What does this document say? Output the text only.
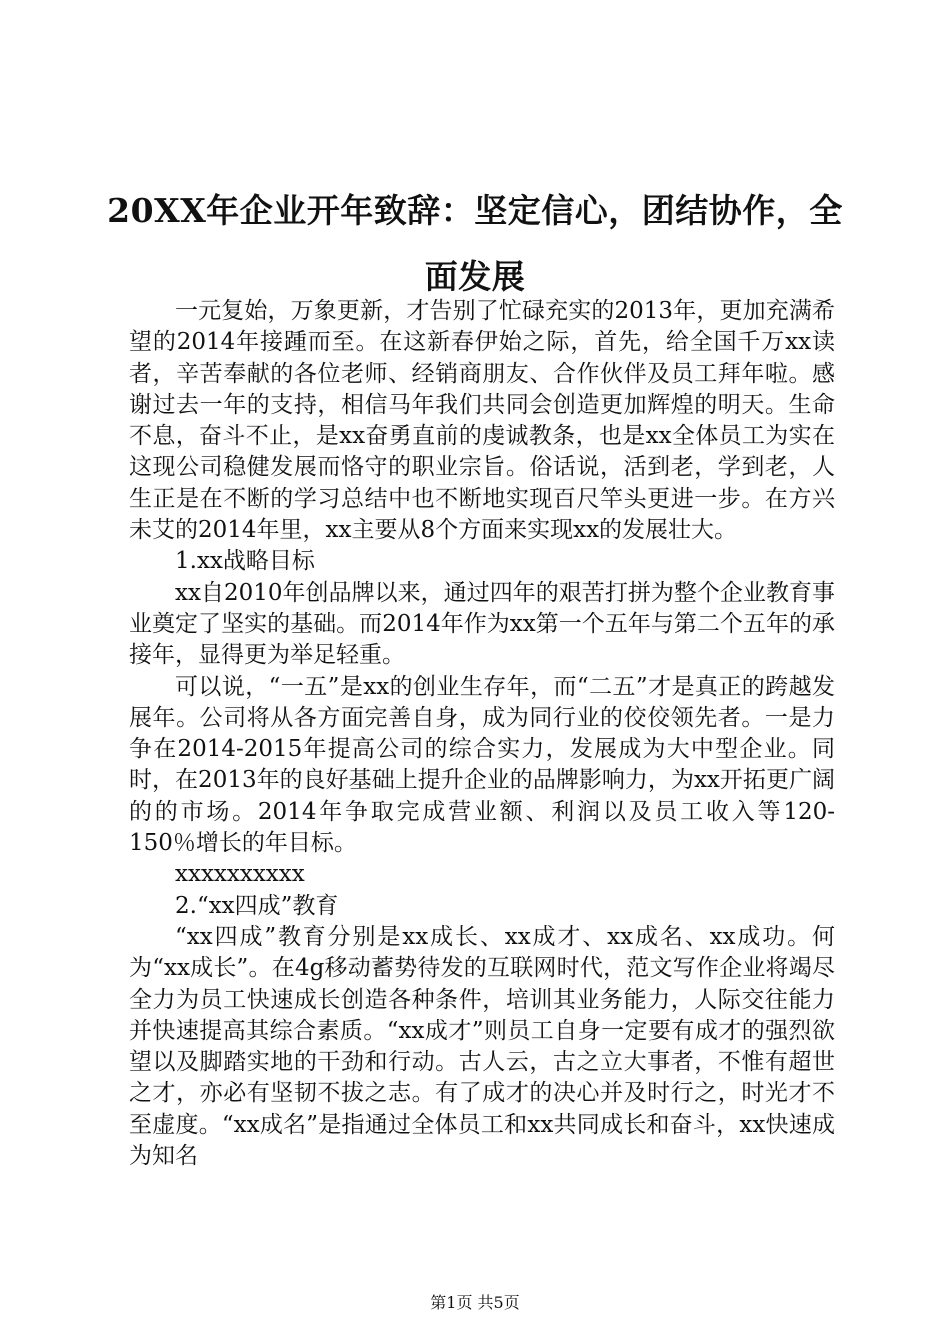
20XX年企业开年致辞：坚定信心，团结协作，全面发展

一元复始，万象更新，才告别了忙碌充实的2013年，更加充满希望的2014年接踵而至。在这新春伊始之际，首先，给全国千万xx读者，辛苦奉献的各位老师、经销商朋友、合作伙伴及员工拜年啦。感谢过去一年的支持，相信马年我们共同会创造更加辉煌的明天。生命不息，奋斗不止，是xx奋勇直前的虔诚教条，也是xx全体员工为实在这现公司稳健发展而恪守的职业宗旨。俗话说，活到老，学到老，人生正是在不断的学习总结中也不断地实现百尺竿头更进一步。在方兴未艾的2014年里，xx主要从8个方面来实现xx的发展壮大。

1.xx战略目标

xx自2010年创品牌以来，通过四年的艰苦打拼为整个企业教育事业奠定了坚实的基础。而2014年作为xx第一个五年与第二个五年的承接年，显得更为举足轻重。

可以说，“一五”是xx的创业生存年，而“二五”才是真正的跨越发展年。公司将从各方面完善自身，成为同行业的佼佼领先者。一是力争在2014-2015年提高公司的综合实力，发展成为大中型企业。同时，在2013年的良好基础上提升企业的品牌影响力，为xx开拓更广阔的的市场。2014年争取完成营业额、利润以及员工收入等120-150％增长的年目标。

xxxxxxxxxx

2.“xx四成”教育

“xx四成”教育分别是xx成长、xx成才、xx成名、xx成功。何为“xx成长”。在4g移动蓄势待发的互联网时代，范文写作企业将竭尽全力为员工快速成长创造各种条件，培训其业务能力，人际交往能力并快速提高其综合素质。“xx成才”则员工自身一定要有成才的强烈欲望以及脚踏实地的干劲和行动。古人云，古之立大事者，不惟有超世之才，亦必有坚韧不拔之志。有了成才的决心并及时行之，时光才不至虚度。“xx成名”是指通过全体员工和xx共同成长和奋斗，xx快速成为知名

第1页 共5页
